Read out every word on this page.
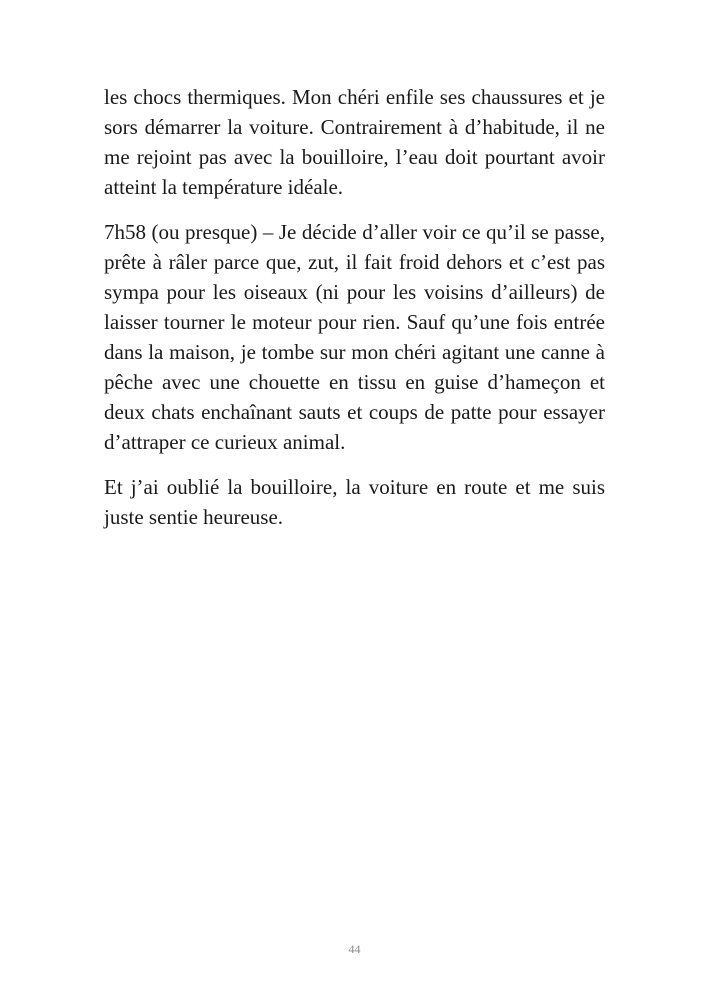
les chocs thermiques. Mon chéri enfile ses chaussures et je sors démarrer la voiture. Contrairement à d’habitude, il ne me rejoint pas avec la bouilloire, l’eau doit pourtant avoir atteint la température idéale.

7h58 (ou presque) – Je décide d’aller voir ce qu’il se passe, prête à râler parce que, zut, il fait froid dehors et c’est pas sympa pour les oiseaux (ni pour les voisins d’ailleurs) de laisser tourner le moteur pour rien. Sauf qu’une fois entrée dans la maison, je tombe sur mon chéri agitant une canne à pêche avec une chouette en tissu en guise d’hameçon et deux chats enchaînant sauts et coups de patte pour essayer d’attraper ce curieux animal.

Et j’ai oublié la bouilloire, la voiture en route et me suis juste sentie heureuse.

44
